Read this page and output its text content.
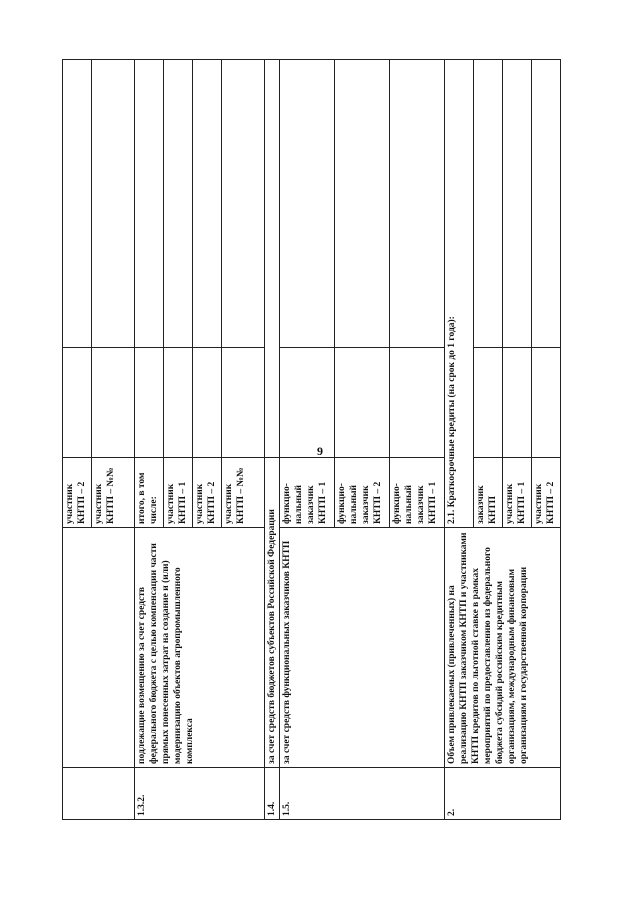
9
		участник КНТП – 2		
		участник КНТП – №№		
1.3.2.	подлежащие возмещению за счет средств федерального бюджета с целью компенсации части прямых понесенных затрат на создание и (или) модернизацию объектов агропромышленного комплекса	итого, в том числе:		
		участник КНТП – 1		
		участник КНТП – 2		
		участник КНТП – №№		
1.4.	за счет средств бюджетов субъектов Российской Федерации			
1.5.	за счет средств функциональных заказчиков КНТП	функцио-нальный заказчик КНТП – 1		
		функцио-нальный заказчик КНТП – 2		
		функцио-нальный заказчик КНТП – 1		
2.	Объем привлекаемых (привлеченных) на реализацию КНТП заказчиком КНТП и участниками КНТП кредитов по льготной ставке в рамках мероприятий по предоставлению из федерального бюджета субсидий российским кредитным организациям, международным финансовым организациям и государственной корпорации	2.1. Краткосрочные кредиты (на срок до 1 года):		
		заказчик КНТП		
		участник КНТП – 1		
		участник КНТП – 2		
